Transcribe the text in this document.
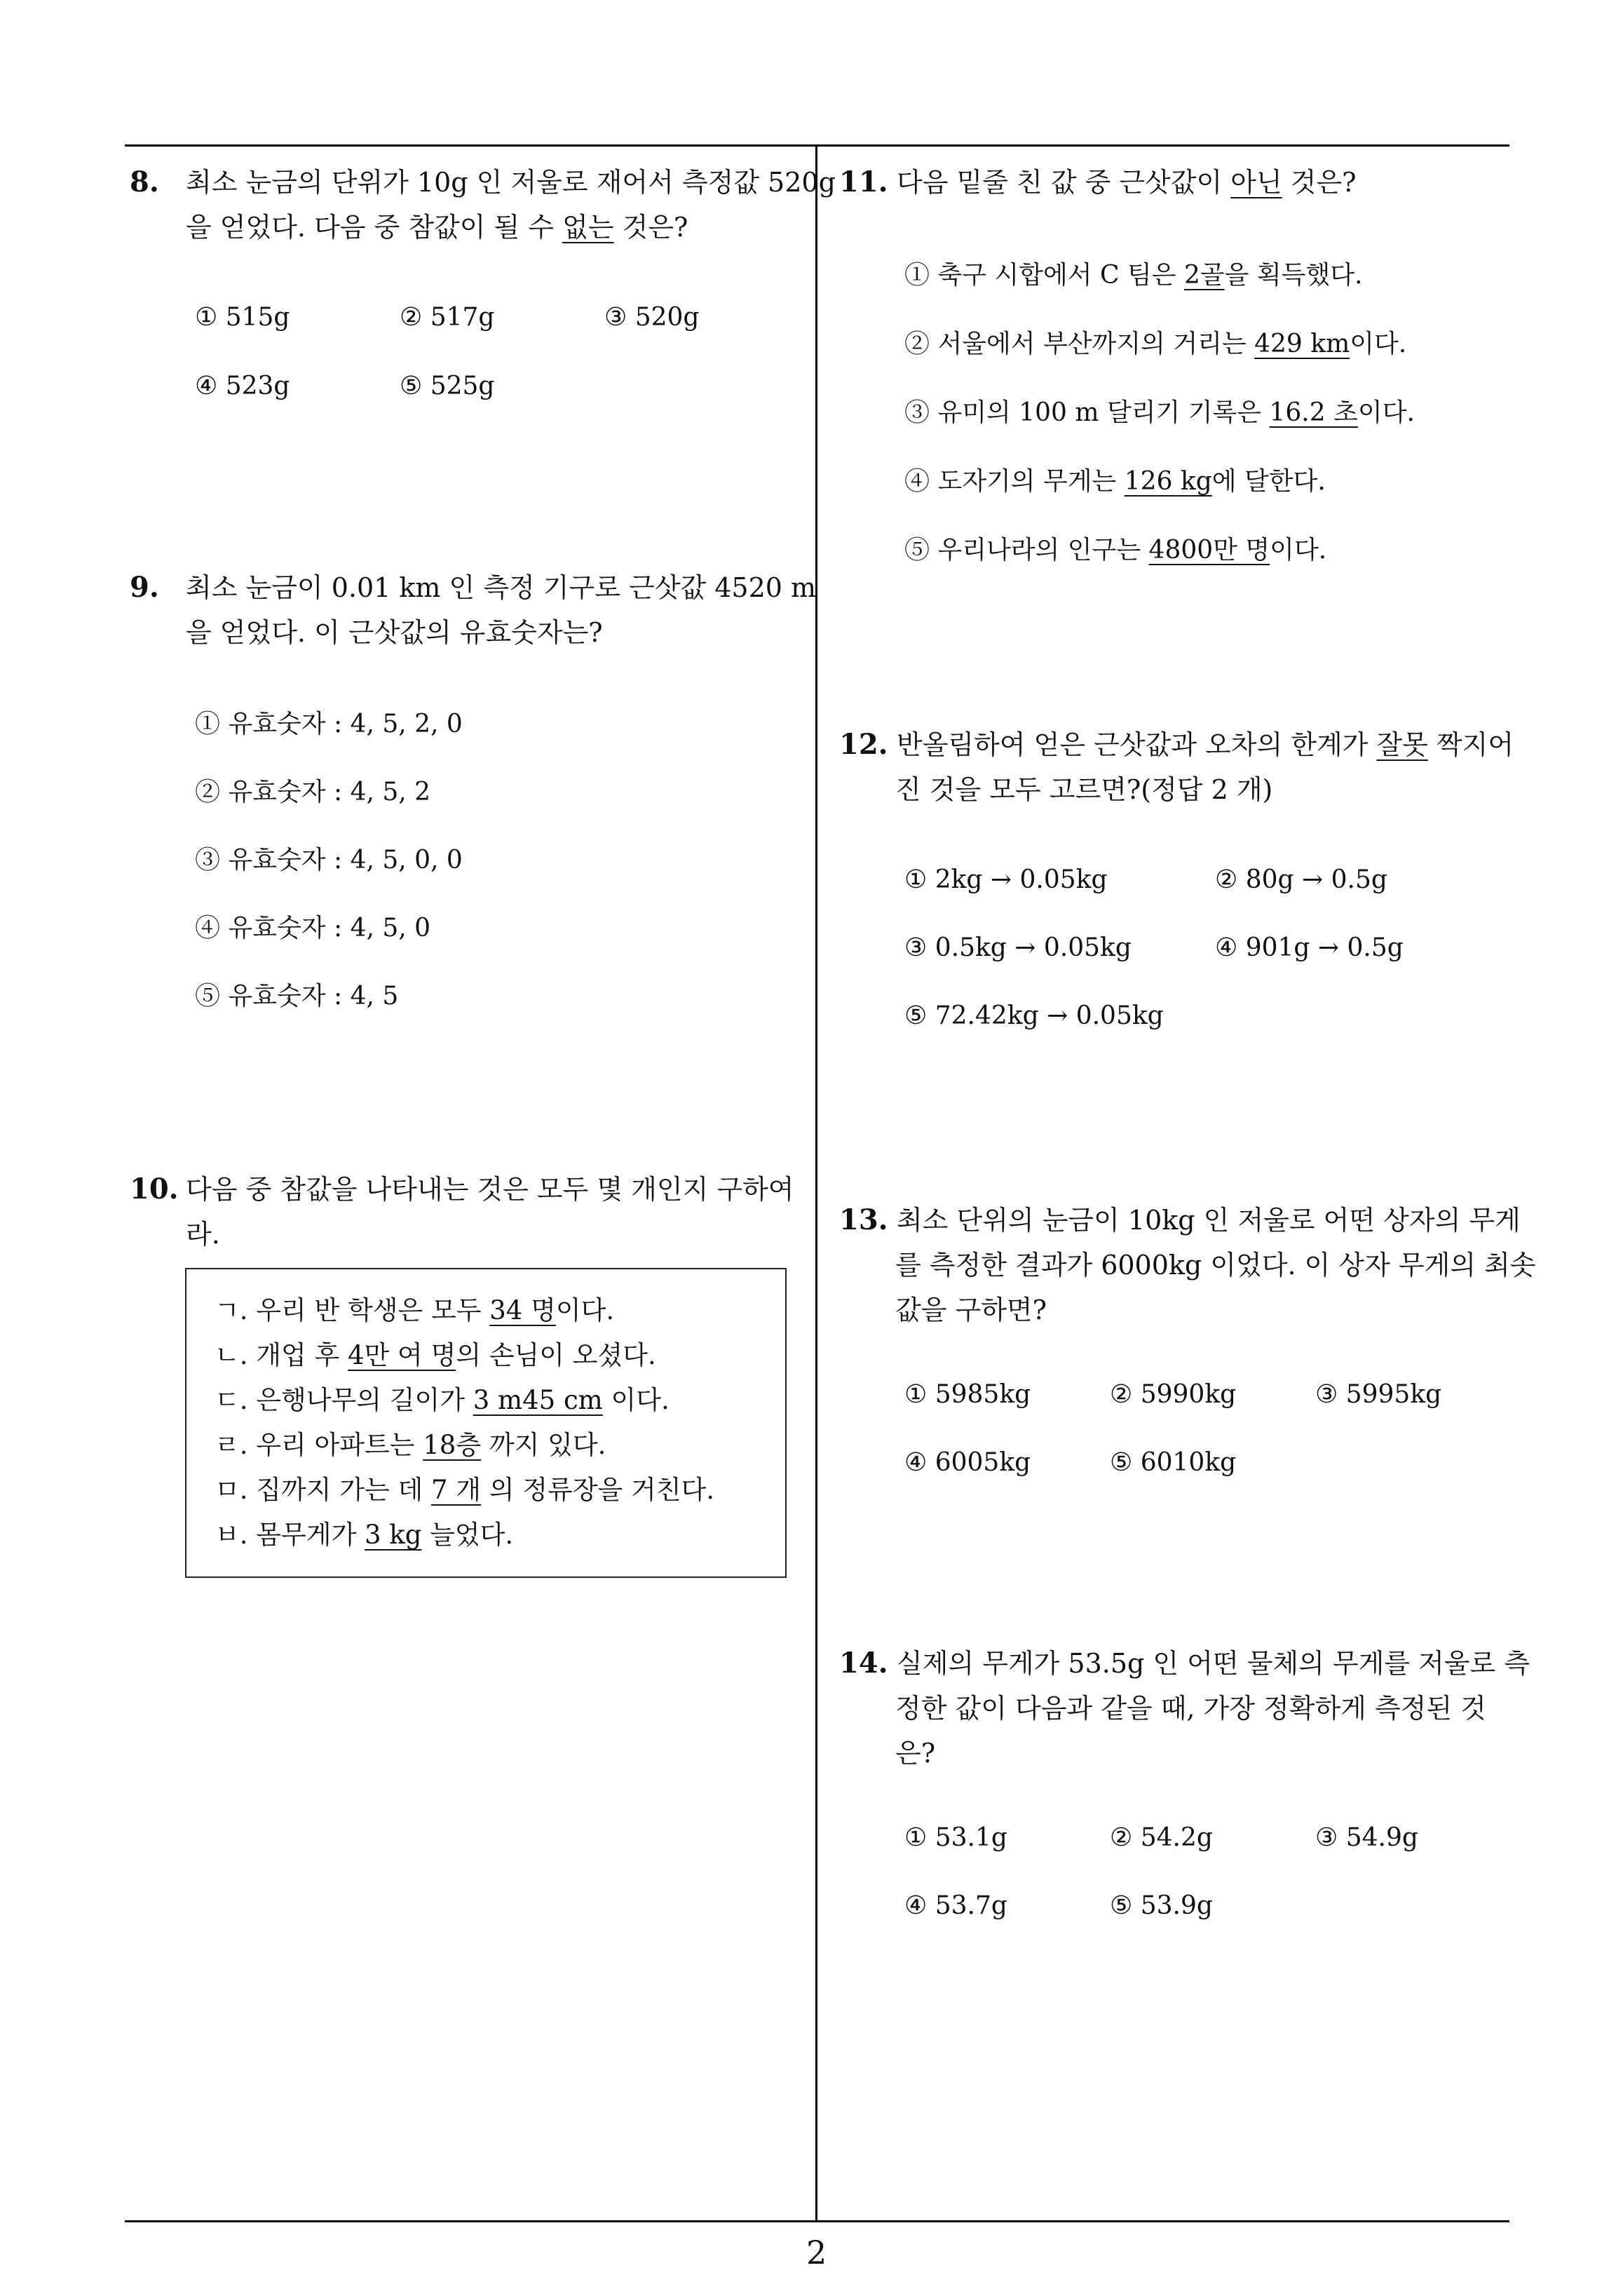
2
8. 최소 눈금의 단위가 10g 인 저울로 재어서 측정값 520g
을 얻었다. 다음 중 참값이 될 수 없는 것은?
① 515g	② 517g	③ 520g
④ 523g	⑤ 525g
9. 최소 눈금이 0.01 km 인 측정 기구로 근삿값 4520 m
을 얻었다. 이 근삿값의 유효숫자는?
① 유효숫자 : 4, 5, 2, 0
② 유효숫자 : 4, 5, 2
③ 유효숫자 : 4, 5, 0, 0
④ 유효숫자 : 4, 5, 0
⑤ 유효숫자 : 4, 5
10. 다음 중 참값을 나타내는 것은 모두 몇 개인지 구하여
라.
ㄱ. 우리 반 학생은 모두 34 명이다.
ㄴ. 개업 후 4만 여 명의 손님이 오셨다.
ㄷ. 은행나무의 길이가 3 m45 cm 이다.
ㄹ. 우리 아파트는 18층 까지 있다.
ㅁ. 집까지 가는 데 7 개 의 정류장을 거친다.
ㅂ. 몸무게가 3 kg 늘었다.
11. 다음 밑줄 친 값 중 근삿값이 아닌 것은?
① 축구 시합에서 C 팀은 2골을 획득했다.
② 서울에서 부산까지의 거리는 429 km이다.
③ 유미의 100 m 달리기 기록은 16.2 초이다.
④ 도자기의 무게는 126 kg에 달한다.
⑤ 우리나라의 인구는 4800만 명이다.
12. 반올림하여 얻은 근삿값과 오차의 한계가 잘못 짝지어
진 것을 모두 고르면?(정답 2 개)
① 2kg → 0.05kg	② 80g → 0.5g
③ 0.5kg → 0.05kg	④ 901g → 0.5g
⑤ 72.42kg → 0.05kg
13. 최소 단위의 눈금이 10kg 인 저울로 어떤 상자의 무게
를 측정한 결과가 6000kg 이었다. 이 상자 무게의 최솟
값을 구하면?
① 5985kg	② 5990kg	③ 5995kg
④ 6005kg	⑤ 6010kg
14. 실제의 무게가 53.5g 인 어떤 물체의 무게를 저울로 측
정한 값이 다음과 같을 때, 가장 정확하게 측정된 것
은?
① 53.1g	② 54.2g	③ 54.9g
④ 53.7g	⑤ 53.9g
